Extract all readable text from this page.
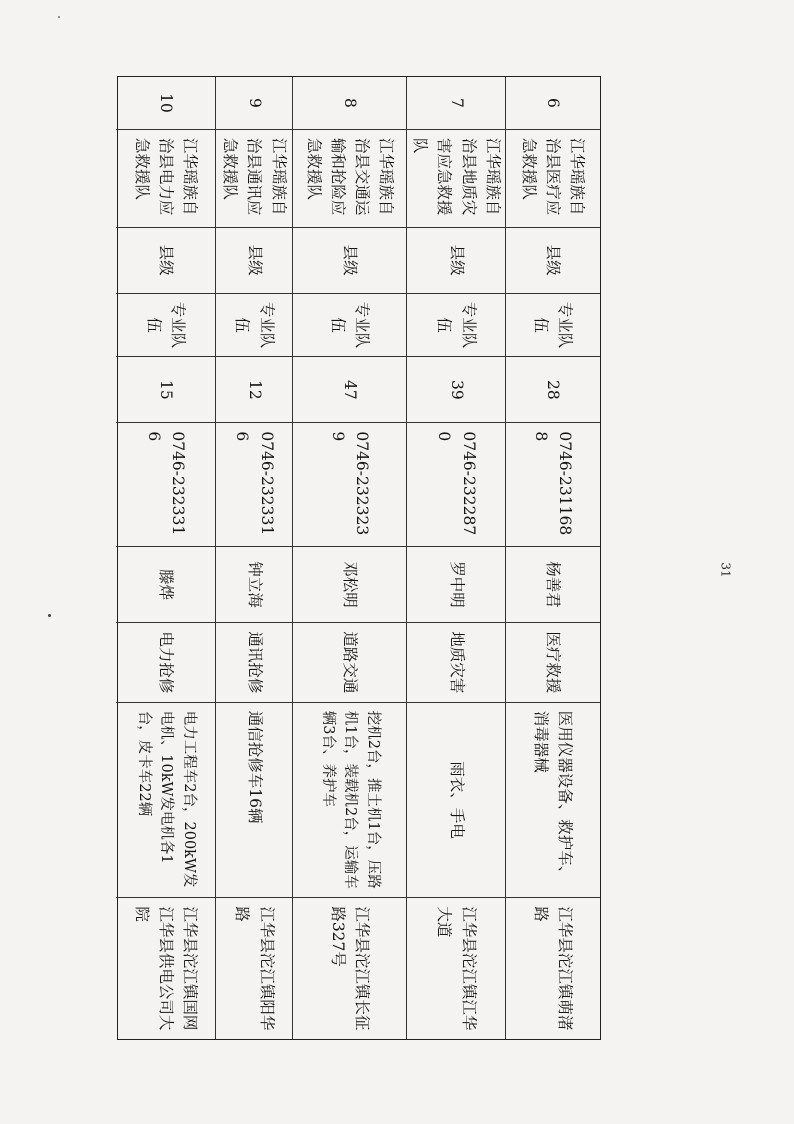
6
江华瑶族自治县医疗应急救援队
县级
专业队伍
28
0746-2311688
杨善君
医疗救援
医用仪器设备、救护车、消毒器械
江华县沱江镇萌渚路
7
江华瑶族自治县地质灾害应急救援队
县级
专业队伍
39
0746-2322870
罗中明
地质灾害
雨衣、手电
江华县沱江镇江华大道
8
江华瑶族自治县交通运输和抢险应急救援队
县级
专业队伍
47
0746-2323239
邓松明
道路交通
挖机2台，推土机1台，压路机1台，装载机2台，运输车辆3台、养护车
江华县沱江镇长征路327号
9
江华瑶族自治县通讯应急救援队
县级
专业队伍
12
0746-2323316
钟立海
通讯抢修
通信抢修车16辆
江华县沱江镇阳华路
10
江华瑶族自治县电力应急救援队
县级
专业队伍
15
0746-2323316
滕烨
电力抢修
电力工程车2台，200kW发电机、10kW发电机各1台，皮卡车22辆
江华县沱江镇国网江华县供电公司大院
31
